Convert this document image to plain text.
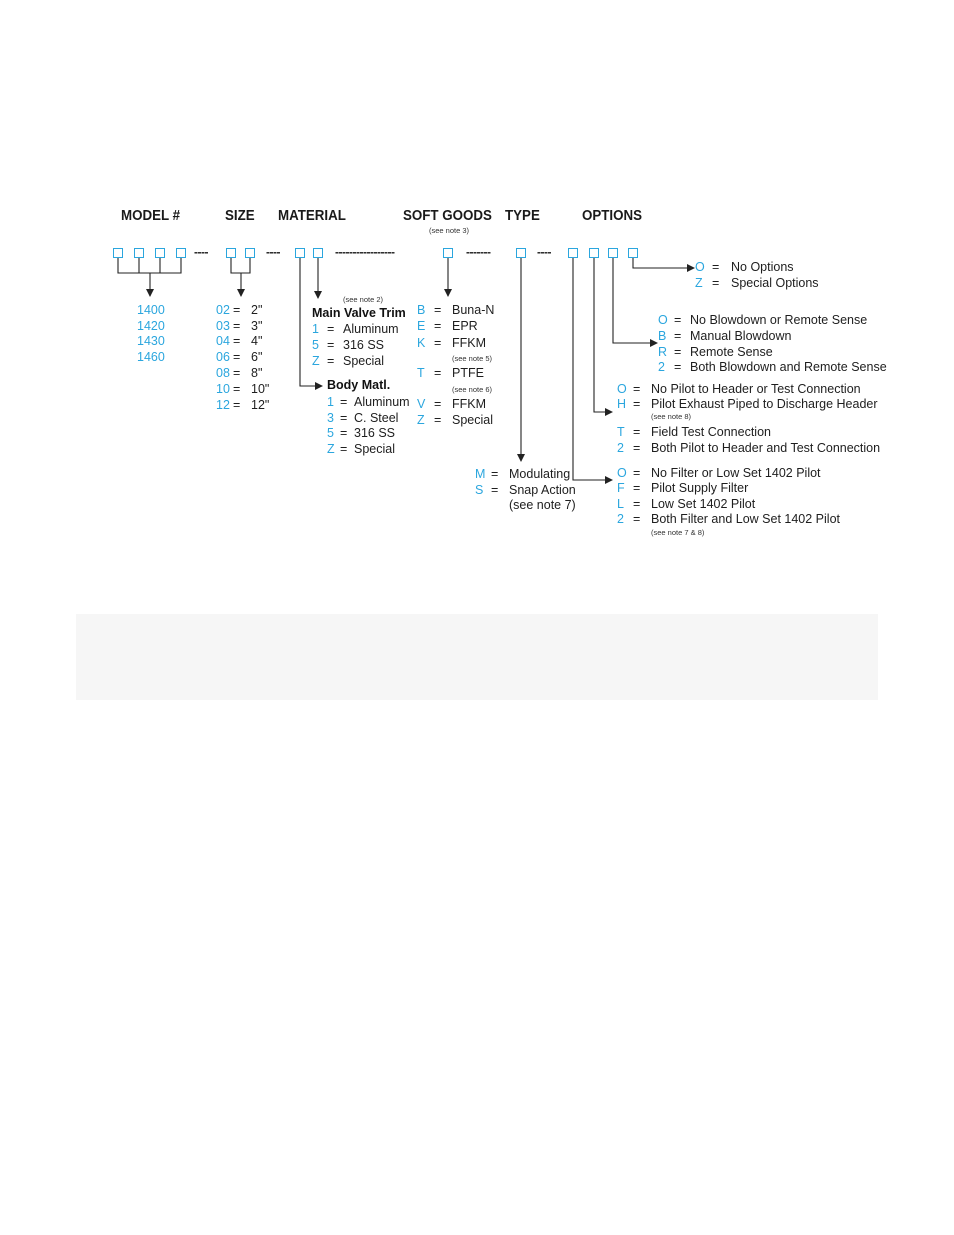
MODEL #	SIZE MATERIAL	SOFT GOODS
(see note 3)
TYPE	OPTIONS
----	----	-----------------	-------	----
1400
1420
1430
1460
02 = 2"
03 = 3"
04 = 4"
06 = 6"
08 = 8"
10 = 10"
12 = 12"
(see note 2)
Main Valve Trim
1 = Aluminum
5 = 316 SS
Z = Special
Body Matl.
1 = Aluminum
3 = C. Steel
5 = 316 SS
Z = Special
B = Buna-N
E = EPR
K = FFKM
(see note 5)
T = PTFE
(see note 6)
V = FFKM
Z = Special
M = Modulating
S = Snap Action
(see note 7)
O = No Options
Z = Special Options
O = No Blowdown or Remote Sense
B = Manual Blowdown
R = Remote Sense
2 = Both Blowdown and Remote Sense
O = No Pilot to Header or Test Connection
H = Pilot Exhaust Piped to Discharge Header
(see note 8)
T = Field Test Connection
2 = Both Pilot to Header and Test Connection
O = No Filter or Low Set 1402 Pilot
F = Pilot Supply Filter
L = Low Set 1402 Pilot
2 = Both Filter and Low Set 1402 Pilot
(see note 7 & 8)
